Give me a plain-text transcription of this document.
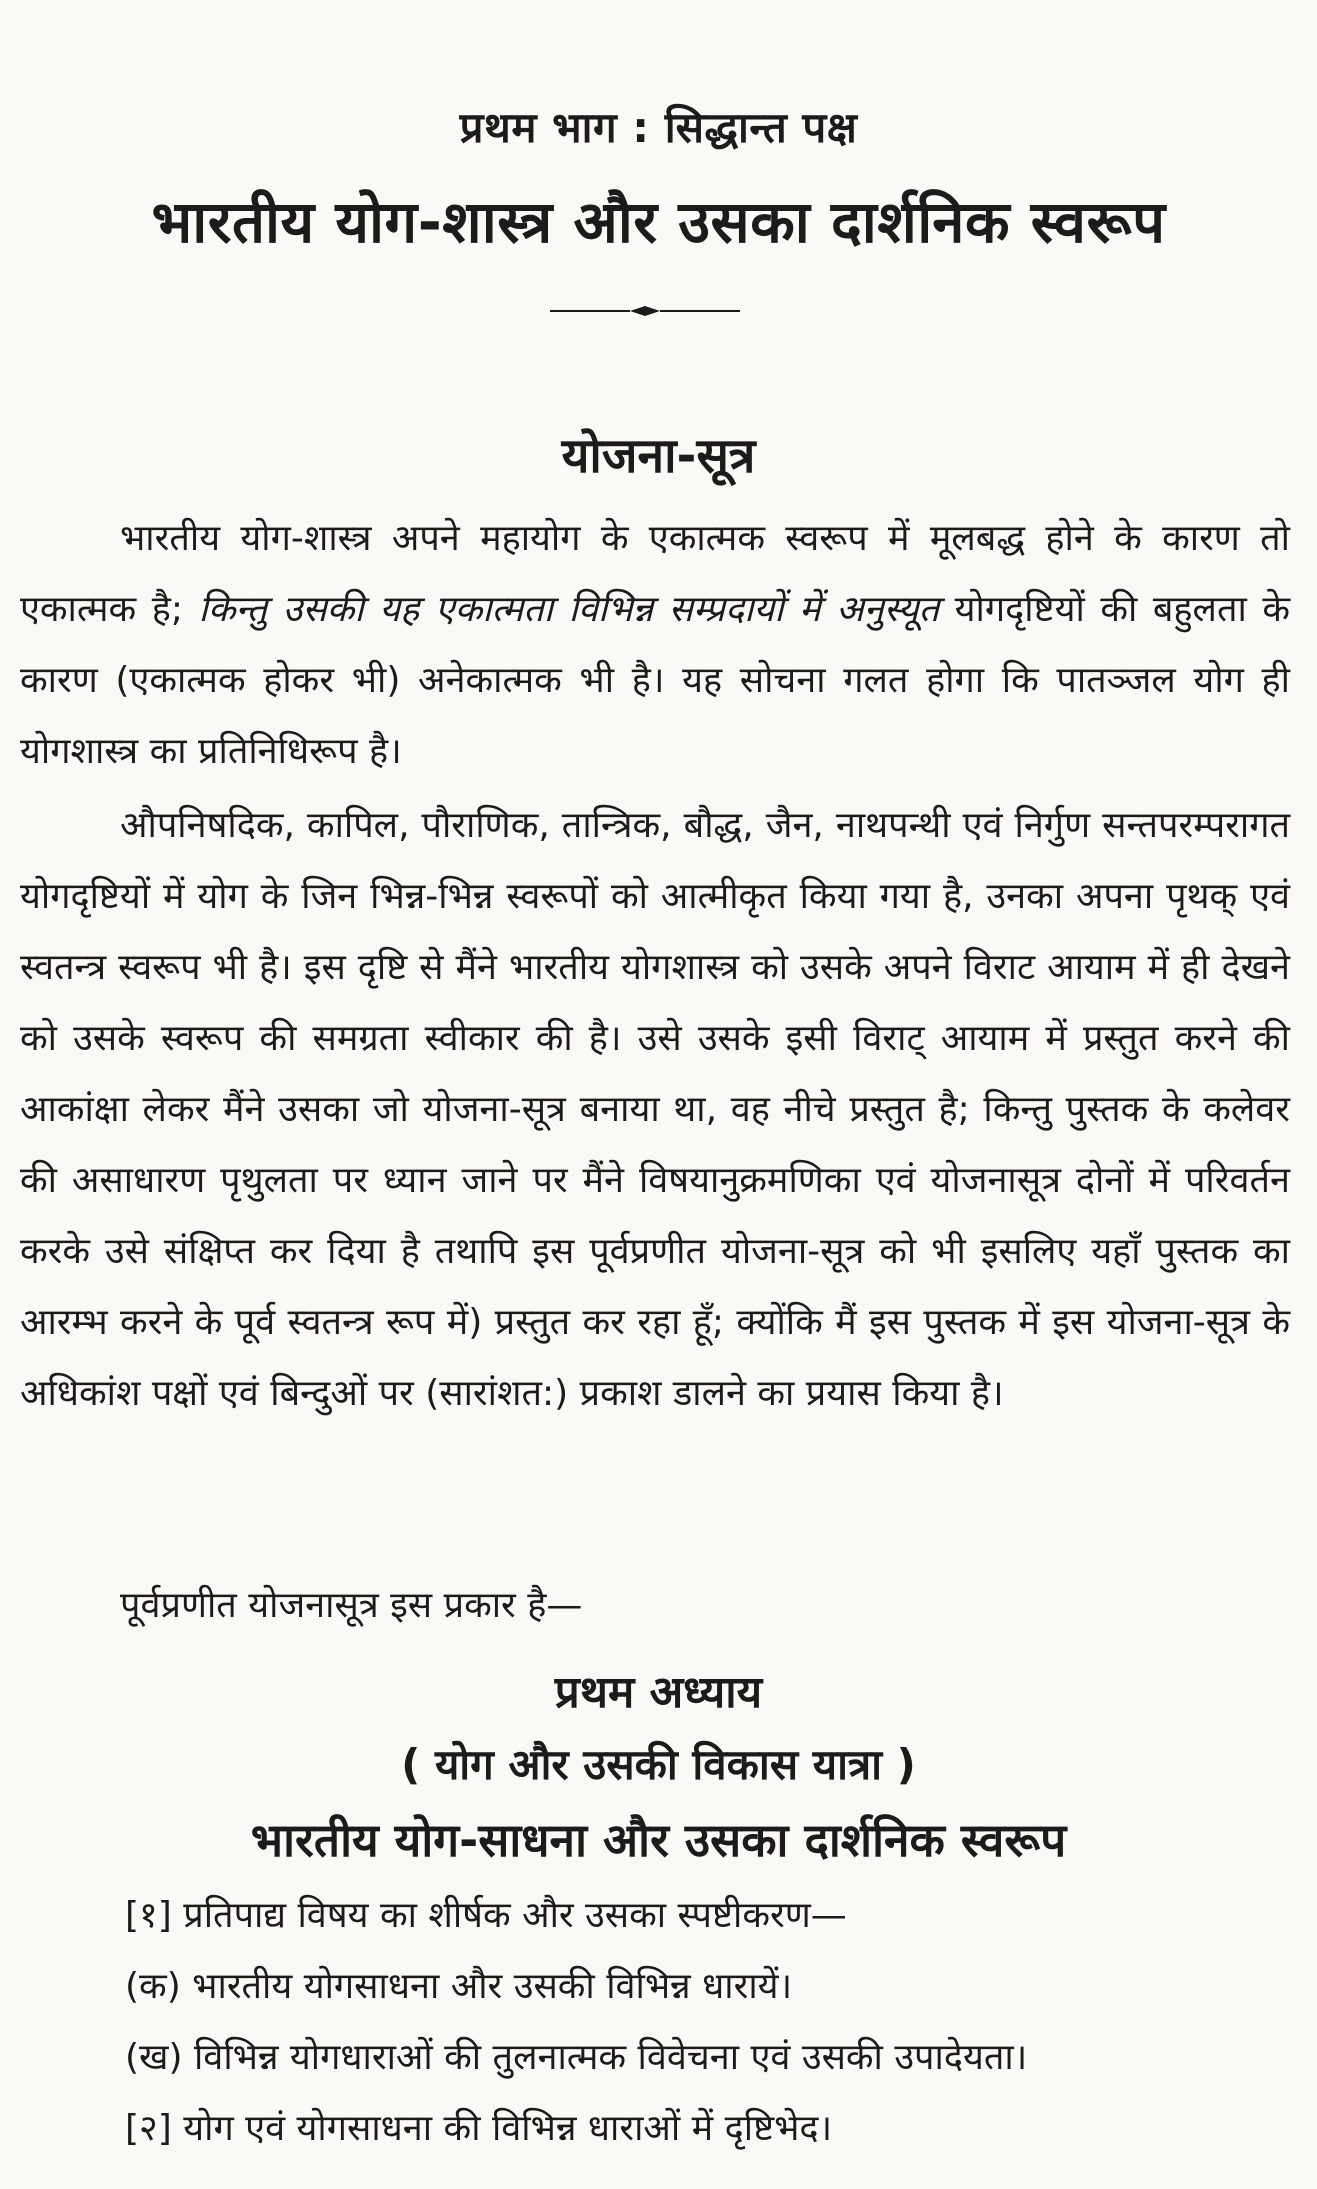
प्रथम भाग : सिद्धान्त पक्ष
भारतीय योग-शास्त्र और उसका दार्शनिक स्वरूप
योजना-सूत्र
भारतीय योग-शास्त्र अपने महायोग के एकात्मक स्वरूप में मूलबद्ध होने के कारण तो एकात्मक है; किन्तु उसकी यह एकात्मता विभिन्न सम्प्रदायों में अनुस्यूत योगदृष्टियों की बहुलता के कारण (एकात्मक होकर भी) अनेकात्मक भी है। यह सोचना गलत होगा कि पातञ्जल योग ही योगशास्त्र का प्रतिनिधिरूप है।
औपनिषदिक, कापिल, पौराणिक, तान्त्रिक, बौद्ध, जैन, नाथपन्थी एवं निर्गुण सन्तपरम्परागत योगदृष्टियों में योग के जिन भिन्न-भिन्न स्वरूपों को आत्मीकृत किया गया है, उनका अपना पृथक् एवं स्वतन्त्र स्वरूप भी है। इस दृष्टि से मैंने भारतीय योगशास्त्र को उसके अपने विराट आयाम में ही देखने को उसके स्वरूप की समग्रता स्वीकार की है। उसे उसके इसी विराट् आयाम में प्रस्तुत करने की आकांक्षा लेकर मैंने उसका जो योजना-सूत्र बनाया था, वह नीचे प्रस्तुत है; किन्तु पुस्तक के कलेवर की असाधारण पृथुलता पर ध्यान जाने पर मैंने विषयानुक्रमणिका एवं योजनासूत्र दोनों में परिवर्तन करके उसे संक्षिप्त कर दिया है तथापि इस पूर्वप्रणीत योजना-सूत्र को भी इसलिए यहाँ पुस्तक का आरम्भ करने के पूर्व स्वतन्त्र रूप में) प्रस्तुत कर रहा हूँ; क्योंकि मैं इस पुस्तक में इस योजना-सूत्र के अधिकांश पक्षों एवं बिन्दुओं पर (सारांशत:) प्रकाश डालने का प्रयास किया है।
पूर्वप्रणीत योजनासूत्र इस प्रकार है—
प्रथम अध्याय
( योग और उसकी विकास यात्रा )
भारतीय योग-साधना और उसका दार्शनिक स्वरूप
[१] प्रतिपाद्य विषय का शीर्षक और उसका स्पष्टीकरण—
(क) भारतीय योगसाधना और उसकी विभिन्न धारायें।
(ख) विभिन्न योगधाराओं की तुलनात्मक विवेचना एवं उसकी उपादेयता।
[२] योग एवं योगसाधना की विभिन्न धाराओं में दृष्टिभेद।
